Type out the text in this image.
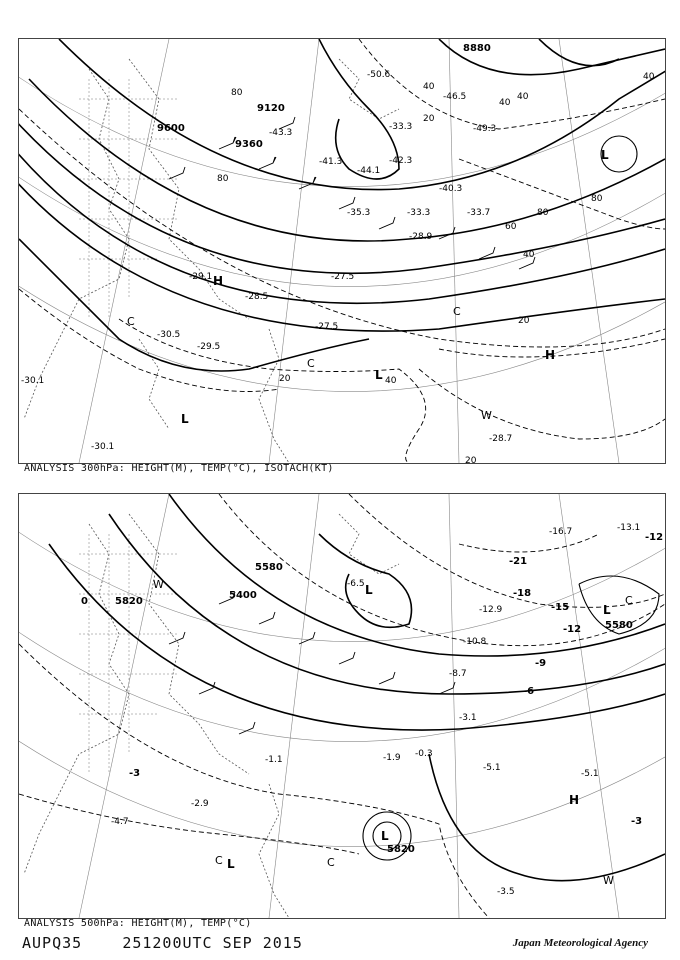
8880
9120
9360
9600
80
80
40
40
20
40
60
80
80
40
20
40
20
20
40
-50.6
-46.5
-43.3
-41.3
-40.3
-33.7
-33.3
-28.9
-27.5
-29.1
-30.5
-29.5
-28.7
-30.1
-30.1
-27.5
-28.5
-33.3
-35.3
-44.1
-42.3
-49.3
H
H
L
L
L
C
C
C
W
ANALYSIS 300hPa: HEIGHT(M), TEMP(°C), ISOTACH(KT)
5580
5820
5580
5820
5400
-21
-18
-15
-12
-12
-9
-6
-3
-3
0
-16.7	-13.1
-12.9
-10.8
-8.7
-5.1
-3.1
-1.9 -0.3
-4.7
-5.1
-2.9
-3.5
-1.1
-6.5 L
L
L
L
H
W
W
C
C	C
ANALYSIS 500hPa: HEIGHT(M), TEMP(°C)
AUPQ35	251200UTC SEP 2015	Japan Meteorological Agency
